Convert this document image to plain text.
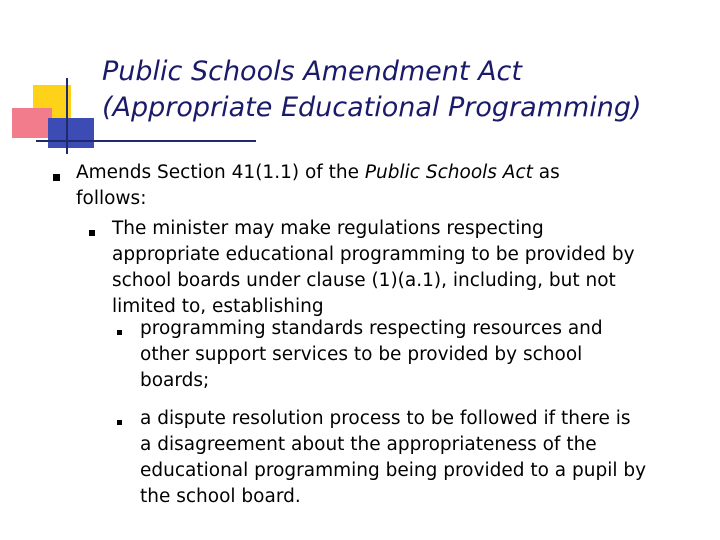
Public Schools Amendment Act
(Appropriate Educational Programming)
Amends Section 41(1.1) of the Public Schools Act as
follows:
The minister may make regulations respecting
appropriate educational programming to be provided by
school boards under clause (1)(a.1), including, but not
limited to, establishing
programming standards respecting resources and
other support services to be provided by school
boards;
a dispute resolution process to be followed if there is
a disagreement about the appropriateness of the
educational programming being provided to a pupil by
the school board.
